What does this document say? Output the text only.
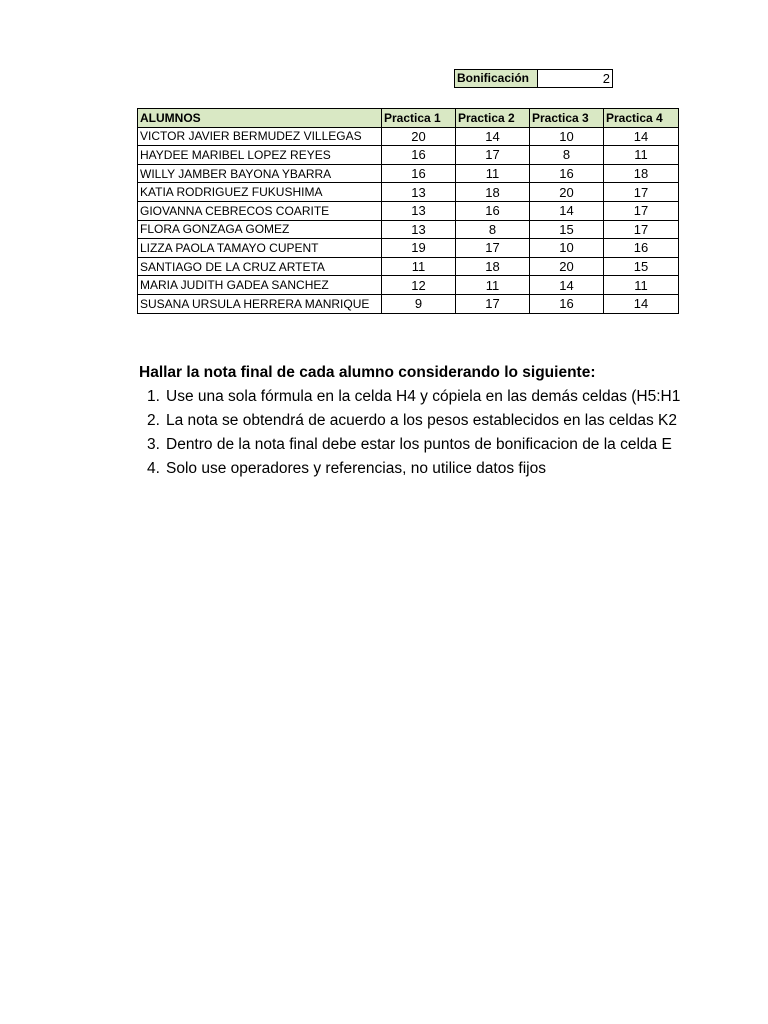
Bonificación	2
ALUMNOS	Practica 1	Practica 2	Practica 3	Practica 4
VICTOR JAVIER BERMUDEZ VILLEGAS	20	14	10	14
HAYDEE MARIBEL LOPEZ REYES	16	17	8	11
WILLY JAMBER BAYONA YBARRA	16	11	16	18
KATIA RODRIGUEZ FUKUSHIMA	13	18	20	17
GIOVANNA CEBRECOS COARITE	13	16	14	17
FLORA GONZAGA GOMEZ	13	8	15	17
LIZZA PAOLA TAMAYO CUPENT	19	17	10	16
SANTIAGO DE LA CRUZ ARTETA	11	18	20	15
MARIA JUDITH GADEA SANCHEZ	12	11	14	11
SUSANA URSULA HERRERA MANRIQUE	9	17	16	14

Hallar la nota final de cada alumno considerando lo siguiente:

1. Use una sola fórmula en la celda H4 y cópiela en las demás celdas (H5:H1
2. La nota se obtendrá de acuerdo a los pesos establecidos en las celdas K2
3. Dentro de la nota final debe estar los puntos de bonificacion de la celda E
4. Solo use operadores y referencias, no utilice datos fijos
